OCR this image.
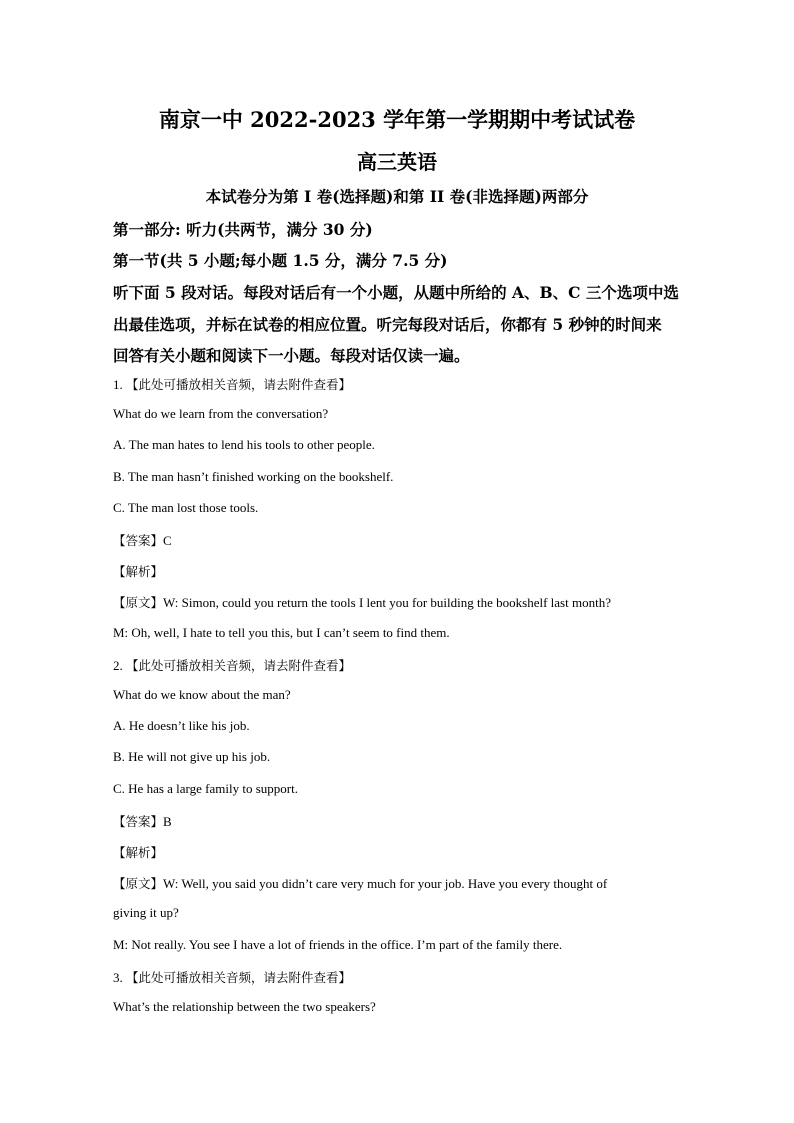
南京一中 2022-2023 学年第一学期期中考试试卷
高三英语
本试卷分为第 I 卷(选择题)和第 II 卷(非选择题)两部分
第一部分: 听力(共两节，满分 30 分)
第一节(共 5 小题;每小题 1.5 分，满分 7.5 分)
听下面 5 段对话。每段对话后有一个小题，从题中所给的 A、B、C 三个选项中选
出最佳选项，并标在试卷的相应位置。听完每段对话后，你都有 5 秒钟的时间来
回答有关小题和阅读下一小题。每段对话仅读一遍。
1. 【此处可播放相关音频，请去附件查看】
What do we learn from the conversation?
A. The man hates to lend his tools to other people.
B. The man hasn’t finished working on the bookshelf.
C. The man lost those tools.
【答案】C
【解析】
【原文】W: Simon, could you return the tools I lent you for building the bookshelf last month?
M: Oh, well, I hate to tell you this, but I can’t seem to find them.
2. 【此处可播放相关音频，请去附件查看】
What do we know about the man?
A. He doesn’t like his job.
B. He will not give up his job.
C. He has a large family to support.
【答案】B
【解析】
【原文】W: Well, you said you didn’t care very much for your job. Have you every thought of
giving it up?
M: Not really. You see I have a lot of friends in the office. I’m part of the family there.
3. 【此处可播放相关音频，请去附件查看】
What’s the relationship between the two speakers?
